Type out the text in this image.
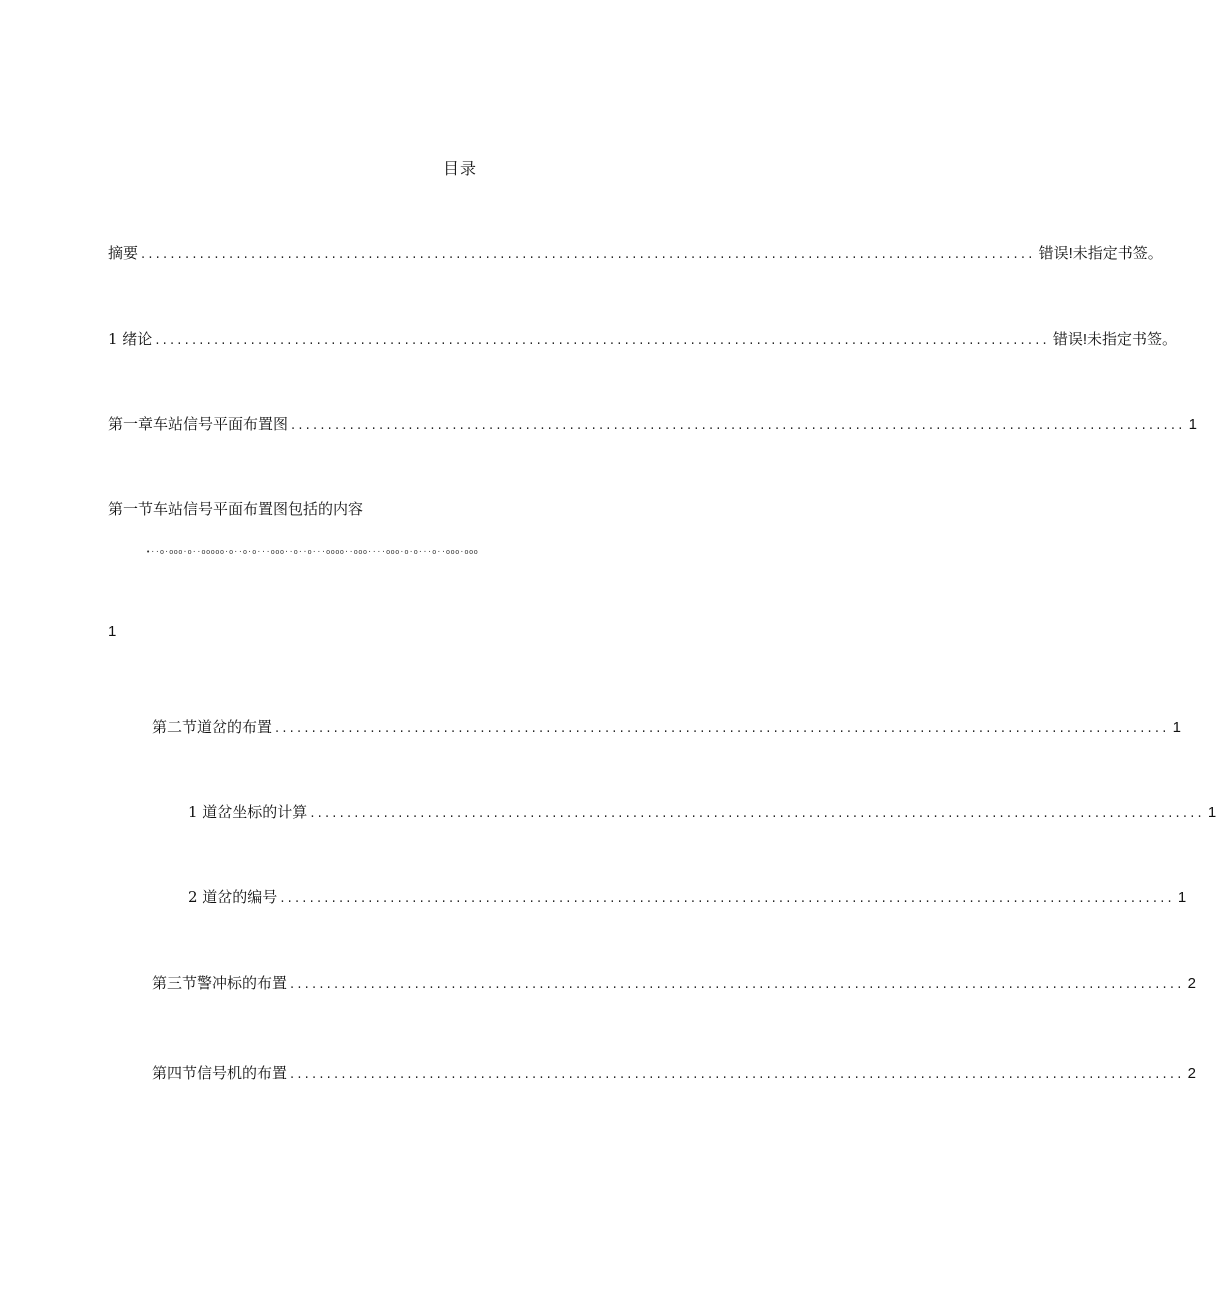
目录
摘要 .......................................................................................................................... 错误!未指定书签。
1 绪论 .......................................................................................................................... 错误!未指定书签。
第一章车站信号平面布置图 .......................................................................................................................... 1
第一节车站信号平面布置图包括的内容
•··o·ooo·o··ooooo·o··o·o···ooo··o··o···oooo··ooo····ooo·o·o···o··ooo·ooo
1
第二节道岔的布置 .......................................................................................................................... 1
1 道岔坐标的计算 .......................................................................................................................... 1
2 道岔的编号 .......................................................................................................................... 1
第三节警冲标的布置 .......................................................................................................................... 2
第四节信号机的布置 .......................................................................................................................... 2
